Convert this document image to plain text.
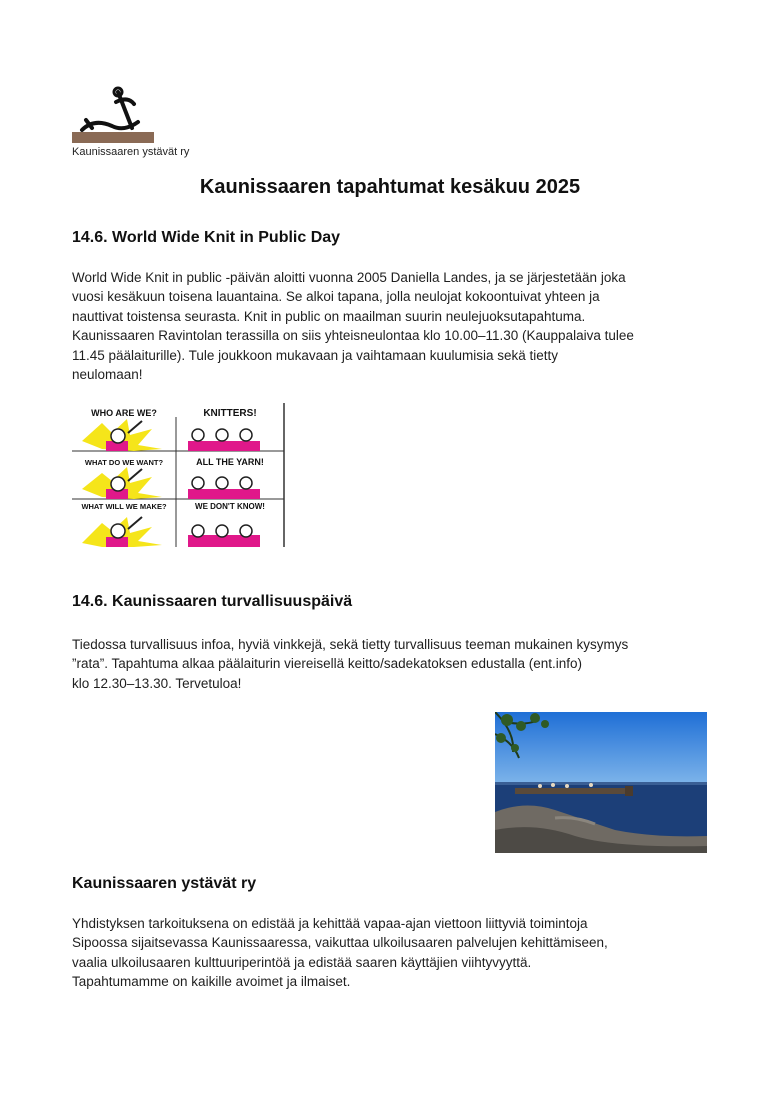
Kaunissaaren ystävät ry
Kaunissaaren tapahtumat kesäkuu 2025
14.6. World Wide Knit in Public Day

World Wide Knit in public -päivän aloitti vuonna 2005 Daniella Landes, ja se järjestetään joka
vuosi kesäkuun toisena lauantaina. Se alkoi tapana, jolla neulojat kokoontuivat yhteen ja
nauttivat toistensa seurasta. Knit in public on maailman suurin neulejuoksutapahtuma.
Kaunissaaren Ravintolan terassilla on siis yhteisneulontaa klo 10.00–11.30 (Kauppalaiva tulee
11.45 päälaiturille). Tule joukkoon mukavaan ja vaihtamaan kuulumisia sekä tietty
neulomaan!

WHO ARE WE?	KNITTERS!
WHAT DO WE WANT?	ALL THE YARN!
WHAT WILL WE MAKE?	WE DON'T KNOW!
14.6. Kaunissaaren turvallisuuspäivä

Tiedossa turvallisuus infoa, hyviä vinkkejä, sekä tietty turvallisuus teeman mukainen kysymys
”rata”. Tapahtuma alkaa päälaiturin viereisellä keitto/sadekatoksen edustalla (ent.info)
klo 12.30–13.30. Tervetuloa!

Kaunissaaren ystävät ry

Yhdistyksen tarkoituksena on edistää ja kehittää vapaa-ajan viettoon liittyviä toimintoja
Sipoossa sijaitsevassa Kaunissaaressa, vaikuttaa ulkoilusaaren palvelujen kehittämiseen,
vaalia ulkoilusaaren kulttuuriperintöä ja edistää saaren käyttäjien viihtyvyyttä.
Tapahtumamme on kaikille avoimet ja ilmaiset.
